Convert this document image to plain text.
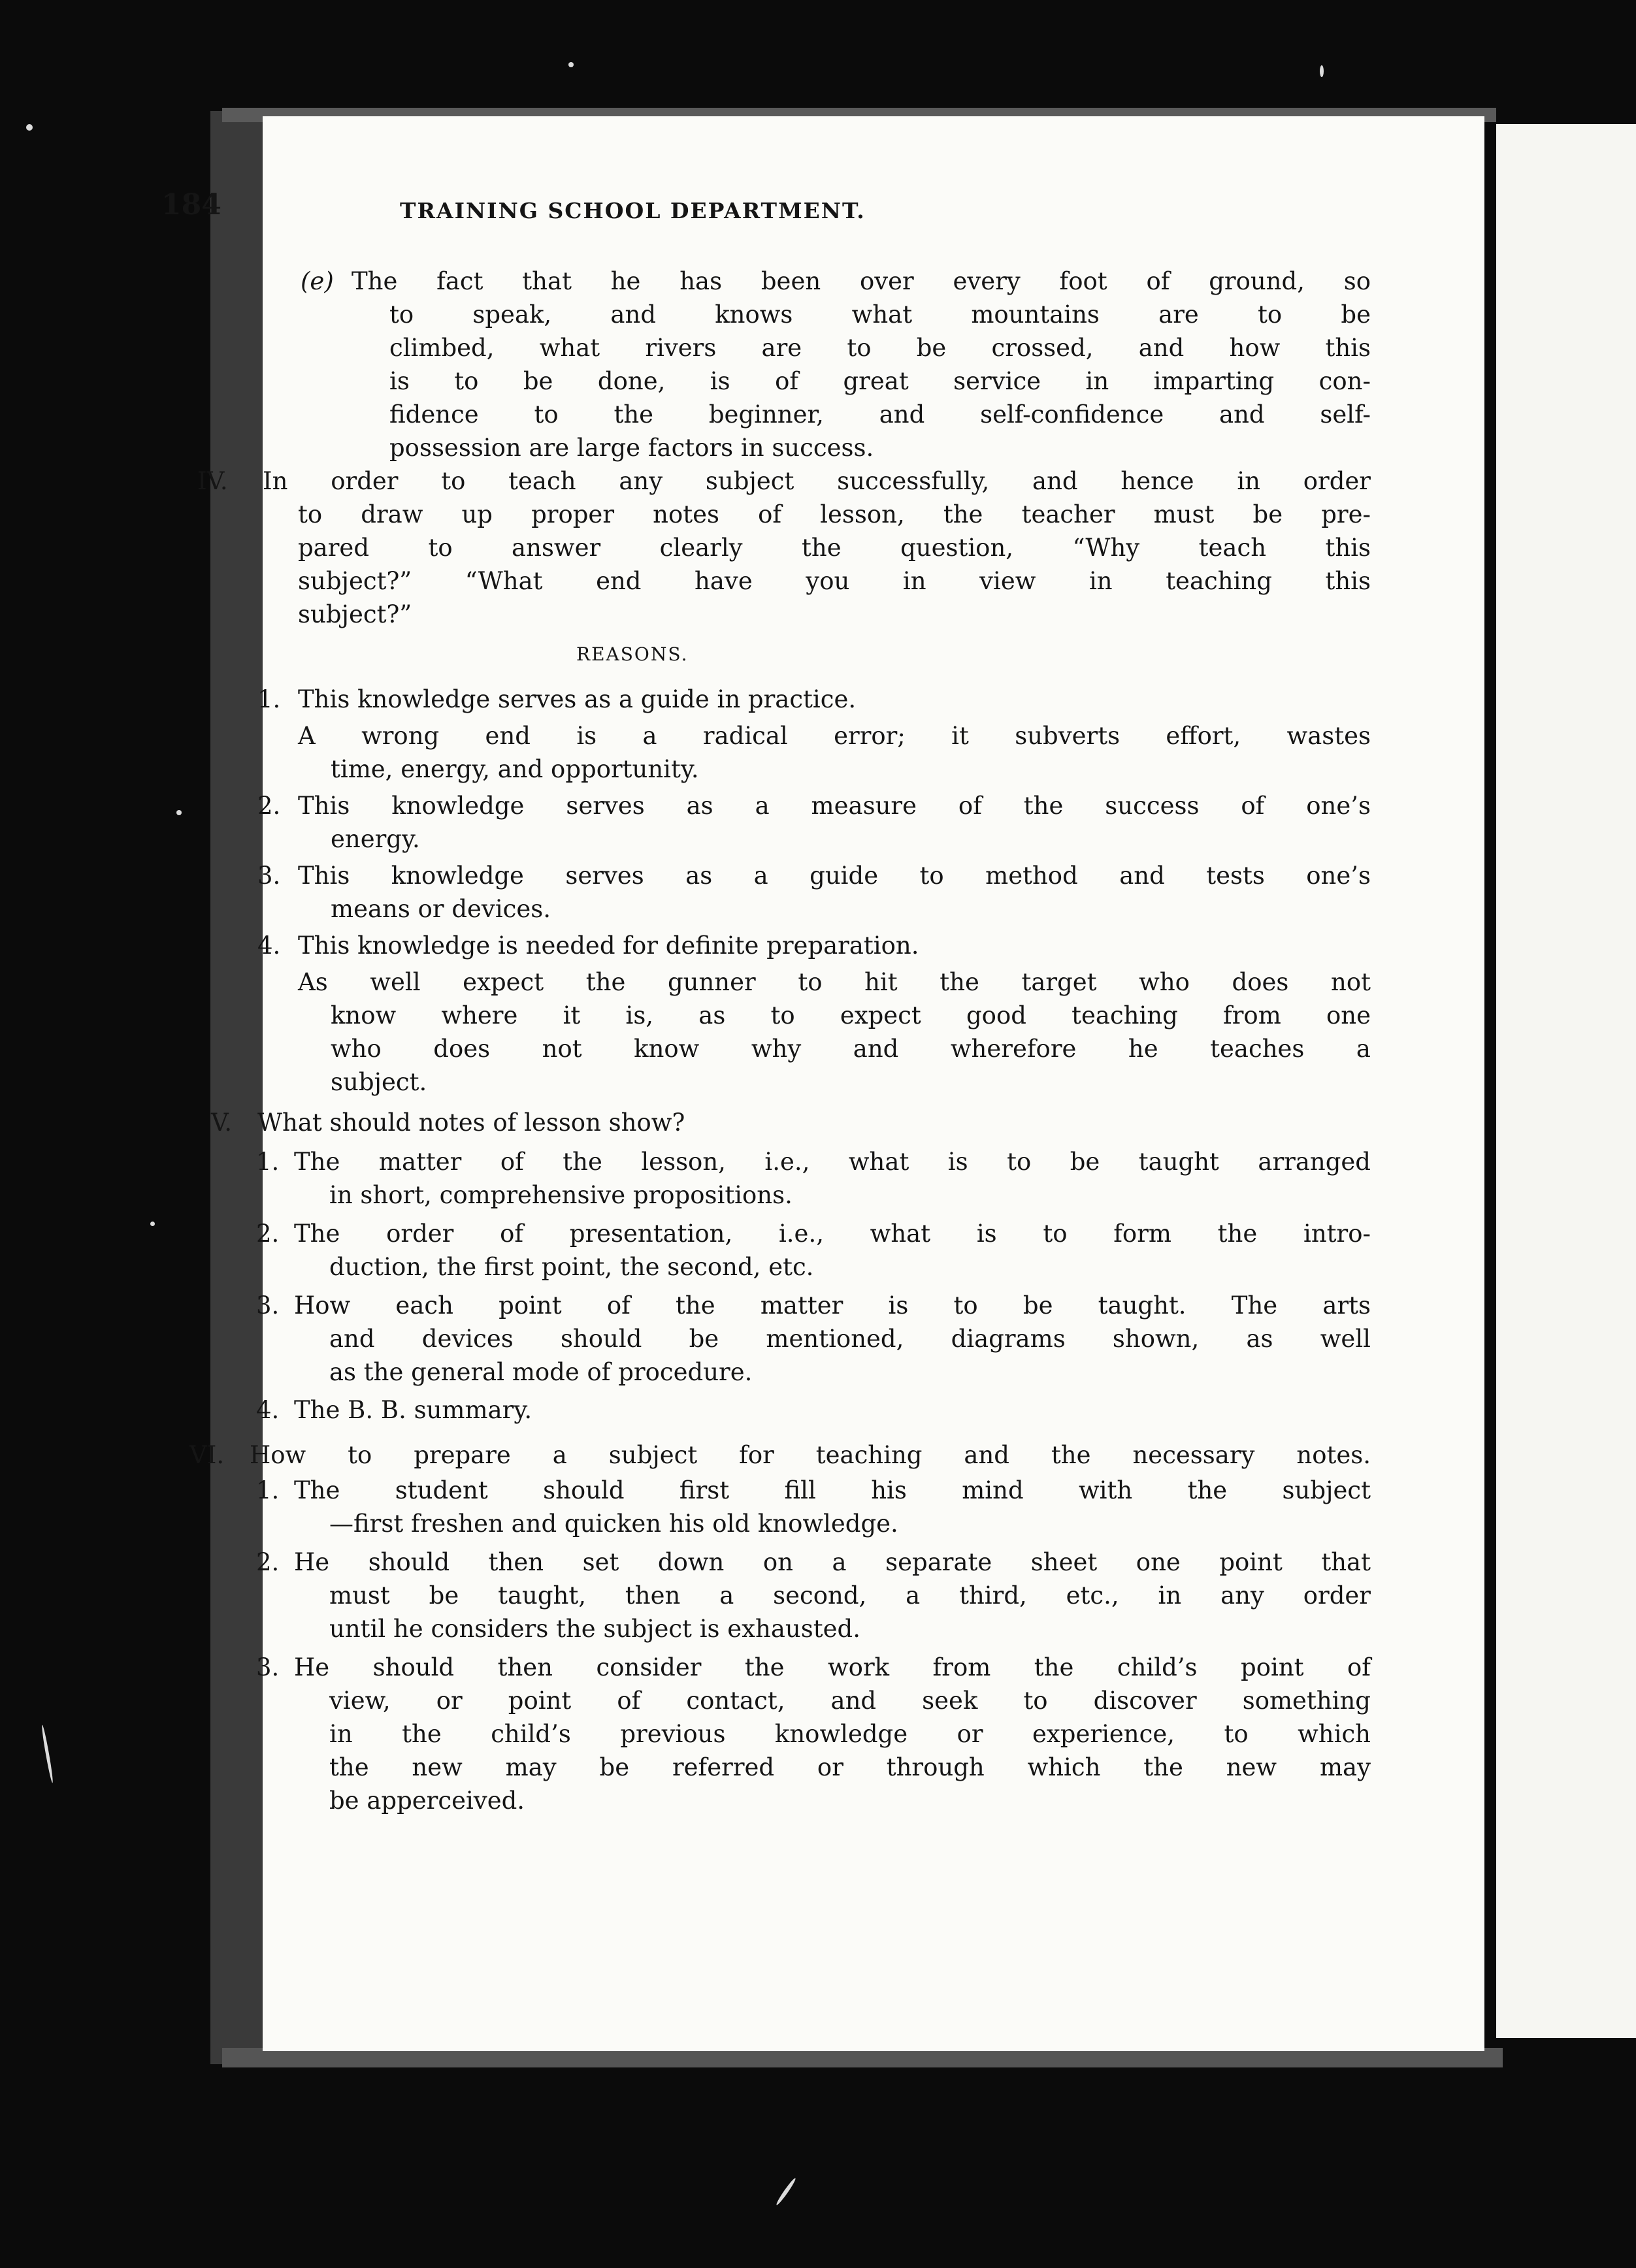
184	TRAINING SCHOOL DEPARTMENT.
(e) The fact that he has been over every foot of ground, so
to speak, and knows what mountains are to be
climbed, what rivers are to be crossed, and how this
is to be done, is of great service in imparting con-
fidence to the beginner, and self-confidence and self-
possession are large factors in success.
IV. In order to teach any subject successfully, and hence in order
to draw up proper notes of lesson, the teacher must be pre-
pared to answer clearly the question, “Why teach this
subject?” “What end have you in view in teaching this
subject?”
REASONS.
1. This knowledge serves as a guide in practice.
A wrong end is a radical error; it subverts effort, wastes
time, energy, and opportunity.
2. This knowledge serves as a measure of the success of one’s
energy.
3. This knowledge serves as a guide to method and tests one’s
means or devices.
4. This knowledge is needed for definite preparation.
As well expect the gunner to hit the target who does not
know where it is, as to expect good teaching from one
who does not know why and wherefore he teaches a
subject.
V. What should notes of lesson show?
1. The matter of the lesson, i.e., what is to be taught arranged
in short, comprehensive propositions.
2. The order of presentation, i.e., what is to form the intro-
duction, the first point, the second, etc.
3. How each point of the matter is to be taught. The arts
and devices should be mentioned, diagrams shown, as well
as the general mode of procedure.
4. The B. B. summary.
VI. How to prepare a subject for teaching and the necessary notes.
1. The student should first fill his mind with the subject
—first freshen and quicken his old knowledge.
2. He should then set down on a separate sheet one point that
must be taught, then a second, a third, etc., in any order
until he considers the subject is exhausted.
3. He should then consider the work from the child’s point of
view, or point of contact, and seek to discover something
in the child’s previous knowledge or experience, to which
the new may be referred or through which the new may
be apperceived.
